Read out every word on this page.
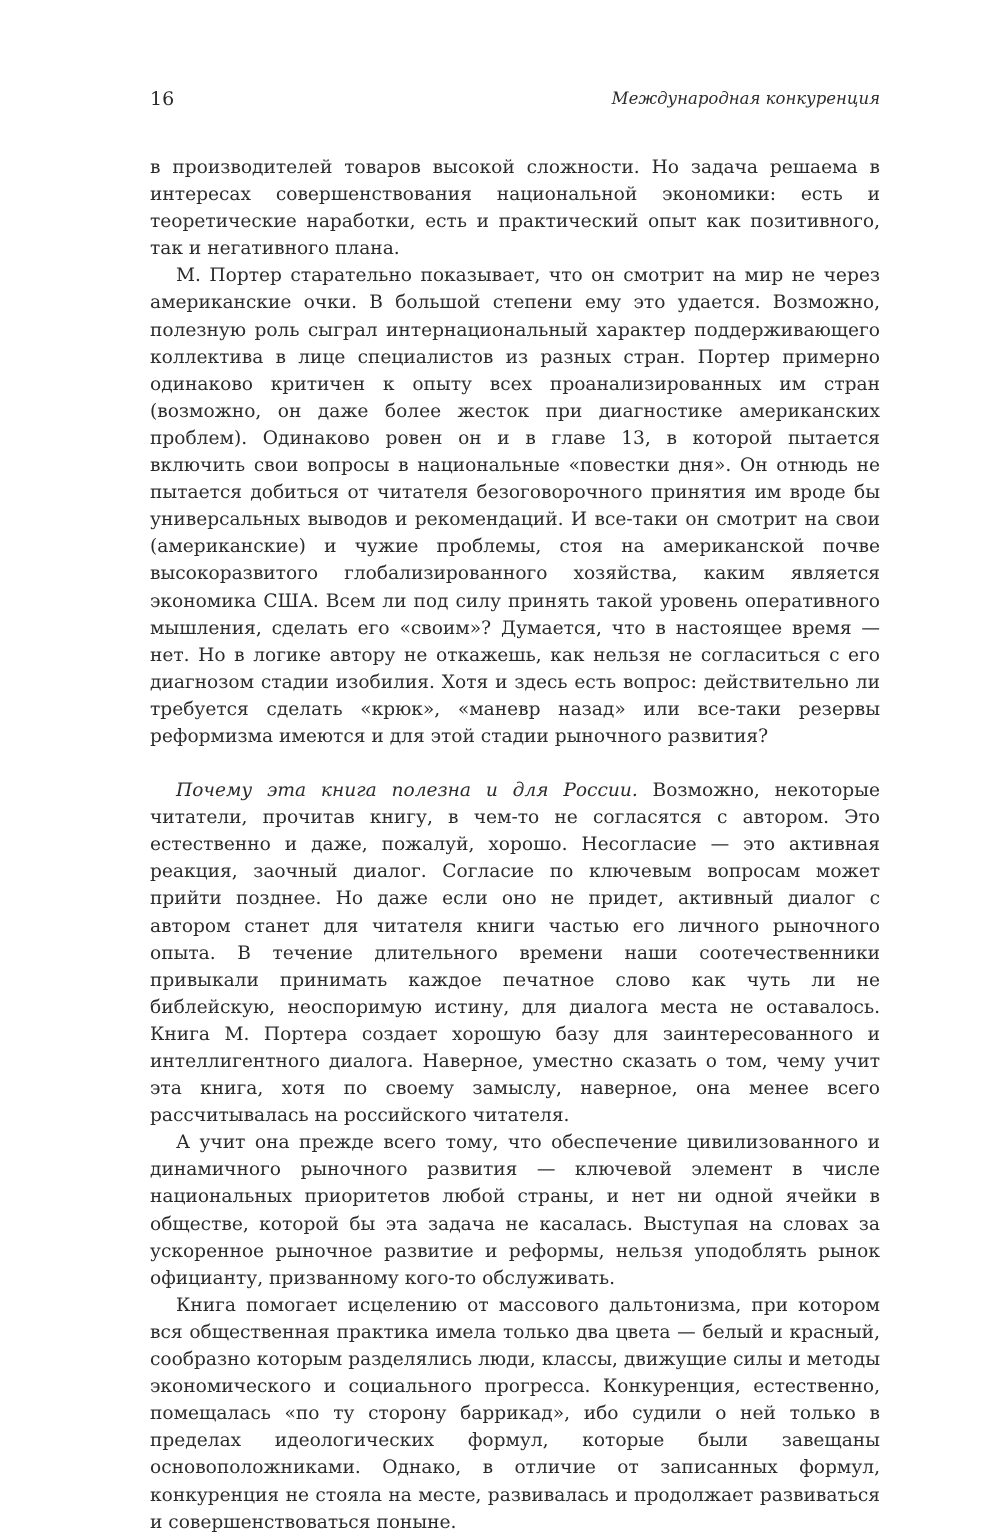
16	Международная конкуренция

в производителей товаров высокой сложности. Но задача решаема в интересах совершенствования национальной экономики: есть и теоретические наработки, есть и практический опыт как позитивного, так и негативного плана.

М. Портер старательно показывает, что он смотрит на мир не через американские очки. В большой степени ему это удается. Возможно, полезную роль сыграл интернациональный характер поддерживающего коллектива в лице специалистов из разных стран. Портер примерно одинаково критичен к опыту всех проанализированных им стран (возможно, он даже более жесток при диагностике американских проблем). Одинаково ровен он и в главе 13, в которой пытается включить свои вопросы в национальные «повестки дня». Он отнюдь не пытается добиться от читателя безоговорочного принятия им вроде бы универсальных выводов и рекомендаций. И все-таки он смотрит на свои (американские) и чужие проблемы, стоя на американской почве высокоразвитого глобализированного хозяйства, каким является экономика США. Всем ли под силу принять такой уровень оперативного мышления, сделать его «своим»? Думается, что в настоящее время — нет. Но в логике автору не откажешь, как нельзя не согласиться с его диагнозом стадии изобилия. Хотя и здесь есть вопрос: действительно ли требуется сделать «крюк», «маневр назад» или все-таки резервы реформизма имеются и для этой стадии рыночного развития?

Почему эта книга полезна и для России. Возможно, некоторые читатели, прочитав книгу, в чем-то не согласятся с автором. Это естественно и даже, пожалуй, хорошо. Несогласие — это активная реакция, заочный диалог. Согласие по ключевым вопросам может прийти позднее. Но даже если оно не придет, активный диалог с автором станет для читателя книги частью его личного рыночного опыта. В течение длительного времени наши соотечественники привыкали принимать каждое печатное слово как чуть ли не библейскую, неоспоримую истину, для диалога места не оставалось. Книга М. Портера создает хорошую базу для заинтересованного и интеллигентного диалога. Наверное, уместно сказать о том, чему учит эта книга, хотя по своему замыслу, наверное, она менее всего рассчитывалась на российского читателя.

А учит она прежде всего тому, что обеспечение цивилизованного и динамичного рыночного развития — ключевой элемент в числе национальных приоритетов любой страны, и нет ни одной ячейки в обществе, которой бы эта задача не касалась. Выступая на словах за ускоренное рыночное развитие и реформы, нельзя уподоблять рынок официанту, призванному кого-то обслуживать.

Книга помогает исцелению от массового дальтонизма, при котором вся общественная практика имела только два цвета — белый и красный, сообразно которым разделялись люди, классы, движущие силы и методы экономического и социального прогресса. Конкуренция, естественно, помещалась «по ту сторону баррикад», ибо судили о ней только в пределах идеологических формул, которые были завещаны основоположниками. Однако, в отличие от записанных формул, конкуренция не стояла на месте, развивалась и продолжает развиваться и совершенствоваться поныне.
